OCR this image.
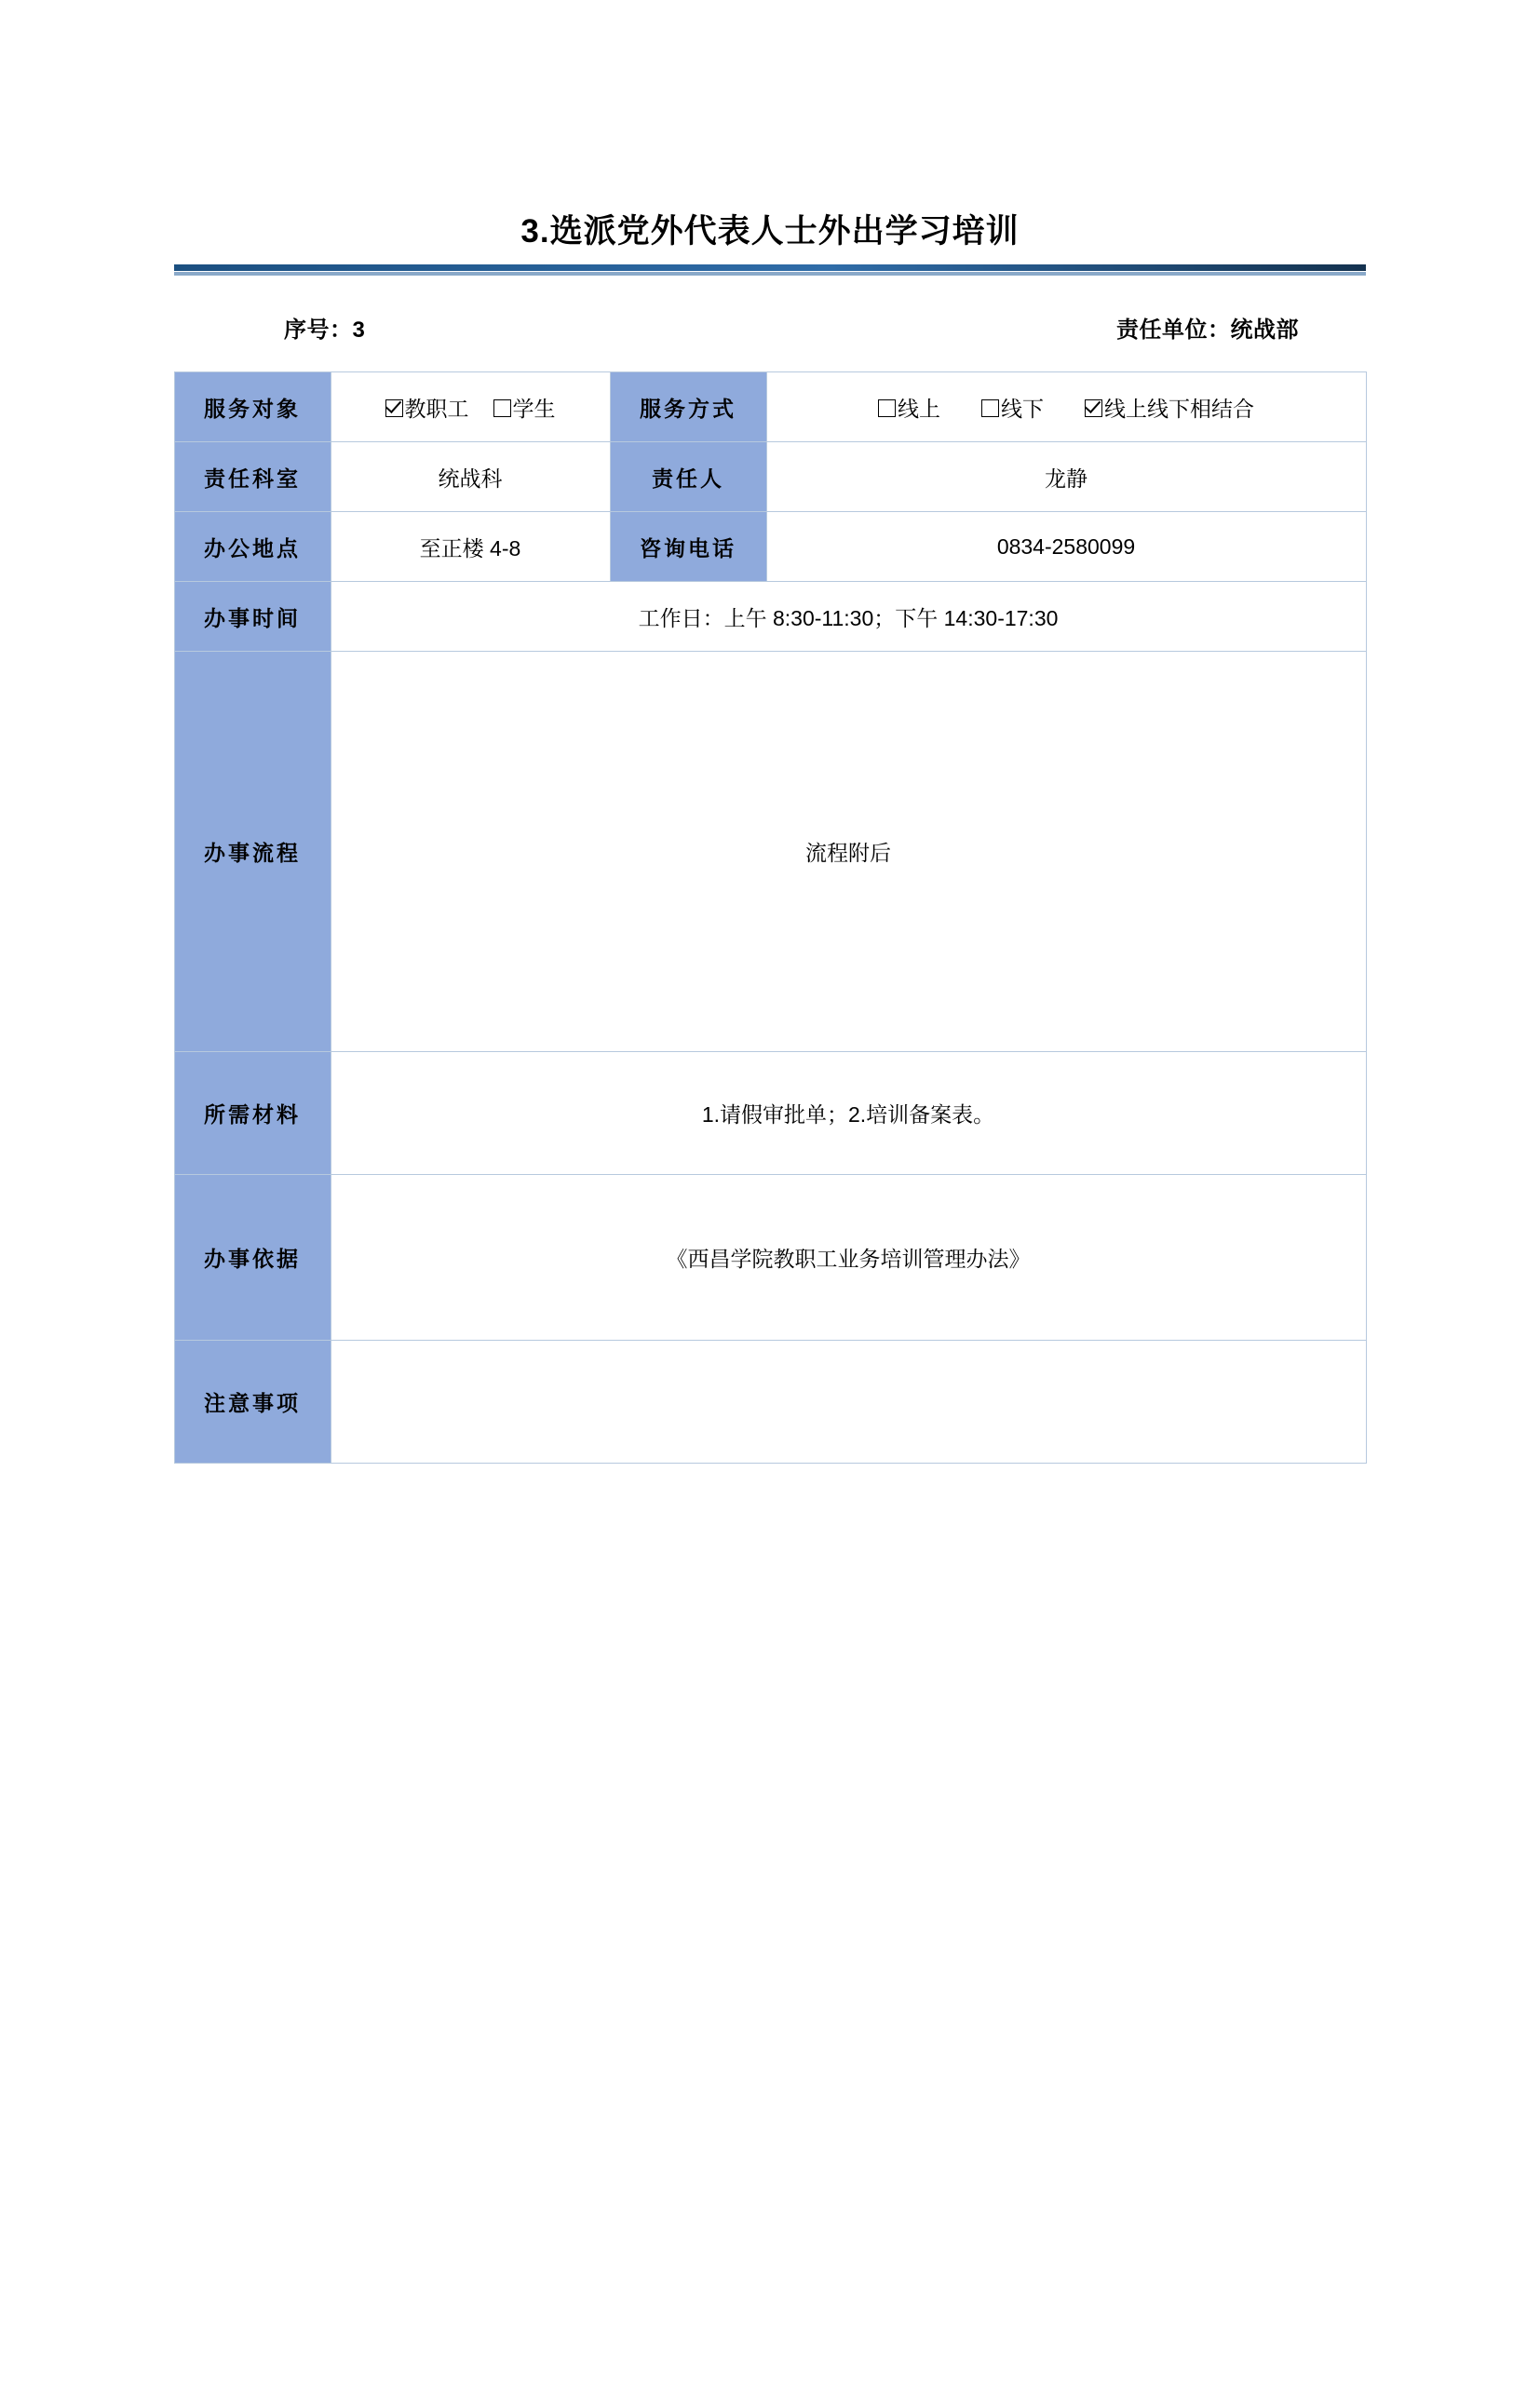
3.选派党外代表人士外出学习培训
序号：3	责任单位：统战部
服务对象	教职工 学生	服务方式	线上 线下 线上线下相结合

责任科室	统战科	责任人	龙静
办公地点	至正楼 4-8	咨询电话	0834-2580099
办事时间	工作日：上午 8:30-11:30；下午 14:30-17:30		
办事流程	流程附后		
所需材料	1.请假审批单；2.培训备案表。		
办事依据	《西昌学院教职工业务培训管理办法》		
注意事项			
